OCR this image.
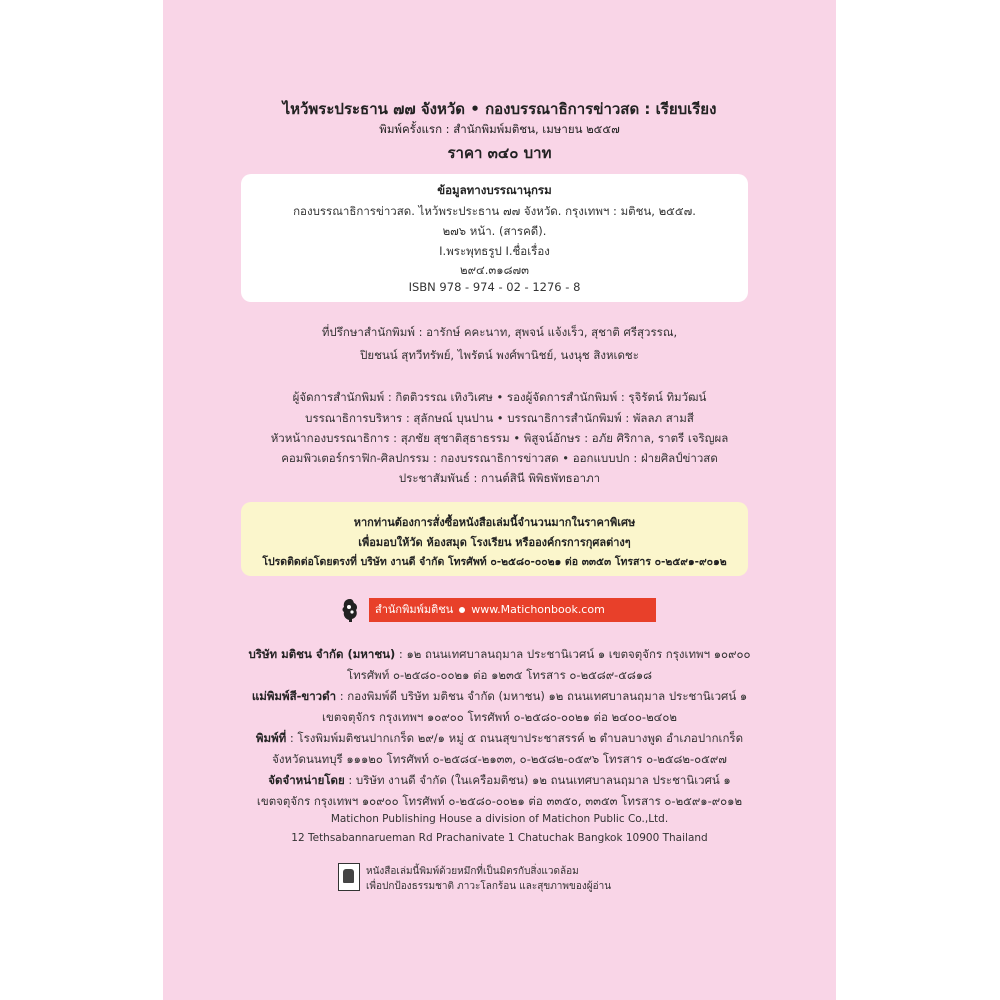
ไหว้พระประธาน ๗๗ จังหวัด • กองบรรณาธิการข่าวสด : เรียบเรียง
พิมพ์ครั้งแรก : สำนักพิมพ์มติชน, เมษายน ๒๕๕๗
ราคา ๓๔๐ บาท
ข้อมูลทางบรรณานุกรม
กองบรรณาธิการข่าวสด. ไหว้พระประธาน ๗๗ จังหวัด. กรุงเทพฯ : มติชน, ๒๕๕๗.
๒๗๖ หน้า. (สารคดี).
I.พระพุทธรูป I.ชื่อเรื่อง
๒๙๔.๓๑๘๗๓
ISBN 978 - 974 - 02 - 1276 - 8
ที่ปรึกษาสำนักพิมพ์ : อารักษ์ คคะนาท, สุพจน์ แจ้งเร็ว, สุชาติ ศรีสุวรรณ,
ปิยชนน์ สุทวีทรัพย์, ไพรัตน์ พงศ์พานิชย์, นงนุช สิงหเดชะ
ผู้จัดการสำนักพิมพ์ : กิตติวรรณ เทิงวิเศษ • รองผู้จัดการสำนักพิมพ์ : รุจิรัตน์ ทิมวัฒน์
บรรณาธิการบริหาร : สุลักษณ์ บุนปาน • บรรณาธิการสำนักพิมพ์ : พัลลภ สามสี
หัวหน้ากองบรรณาธิการ : สุภชัย สุชาติสุธาธรรม • พิสูจน์อักษร : อภัย ศิริกาล, ราตรี เจริญผล
คอมพิวเตอร์กราฟิก-ศิลปกรรม : กองบรรณาธิการข่าวสด • ออกแบบปก : ฝ่ายศิลป์ข่าวสด
ประชาสัมพันธ์ : กานต์สินี พิพิธพัทธอาภา
หากท่านต้องการสั่งซื้อหนังสือเล่มนี้จำนวนมากในราคาพิเศษ
เพื่อมอบให้วัด ห้องสมุด โรงเรียน หรือองค์กรการกุศลต่างๆ
โปรดติดต่อโดยตรงที่ บริษัท งานดี จำกัด โทรศัพท์ ๐-๒๕๘๐-๐๐๒๑ ต่อ ๓๓๕๓ โทรสาร ๐-๒๕๙๑-๙๐๑๒
สำนักพิมพ์มติชน www.Matichonbook.com
บริษัท มติชน จำกัด (มหาชน) : ๑๒ ถนนเทศบาลนฤมาล ประชานิเวศน์ ๑ เขตจตุจักร กรุงเทพฯ ๑๐๙๐๐
โทรศัพท์ ๐-๒๕๘๐-๐๐๒๑ ต่อ ๑๒๓๕ โทรสาร ๐-๒๕๘๙-๕๘๑๘
แม่พิมพ์สี-ขาวดำ : กองพิมพ์ดี บริษัท มติชน จำกัด (มหาชน) ๑๒ ถนนเทศบาลนฤมาล ประชานิเวศน์ ๑
เขตจตุจักร กรุงเทพฯ ๑๐๙๐๐ โทรศัพท์ ๐-๒๕๘๐-๐๐๒๑ ต่อ ๒๔๐๐-๒๔๐๒
พิมพ์ที่ : โรงพิมพ์มติชนปากเกร็ด ๒๙/๑ หมู่ ๕ ถนนสุขาประชาสรรค์ ๒ ตำบลบางพูด อำเภอปากเกร็ด
จังหวัดนนทบุรี ๑๑๑๒๐ โทรศัพท์ ๐-๒๕๘๔-๒๑๓๓, ๐-๒๕๘๒-๐๕๙๖ โทรสาร ๐-๒๕๘๒-๐๕๙๗
จัดจำหน่ายโดย : บริษัท งานดี จำกัด (ในเครือมติชน) ๑๒ ถนนเทศบาลนฤมาล ประชานิเวศน์ ๑
เขตจตุจักร กรุงเทพฯ ๑๐๙๐๐ โทรศัพท์ ๐-๒๕๘๐-๐๐๒๑ ต่อ ๓๓๕๐, ๓๓๕๓ โทรสาร ๐-๒๕๙๑-๙๐๑๒
Matichon Publishing House a division of Matichon Public Co.,Ltd.
12 Tethsabannarueman Rd Prachanivate 1 Chatuchak Bangkok 10900 Thailand
หนังสือเล่มนี้พิมพ์ด้วยหมึกที่เป็นมิตรกับสิ่งแวดล้อม
เพื่อปกป้องธรรมชาติ ภาวะโลกร้อน และสุขภาพของผู้อ่าน
